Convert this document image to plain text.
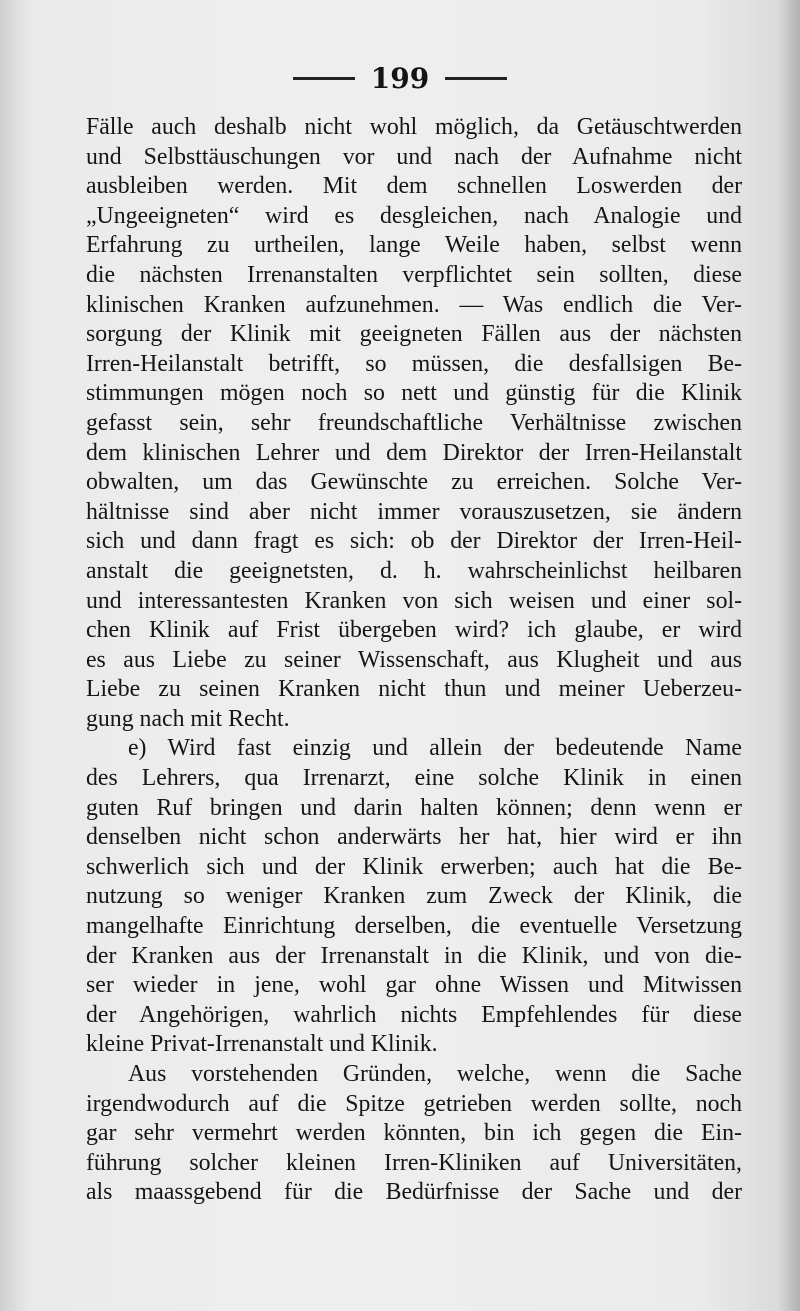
199
Fälle auch deshalb nicht wohl möglich, da Getäuschtwerden
und Selbsttäuschungen vor und nach der Aufnahme nicht
ausbleiben werden. Mit dem schnellen Loswerden der
„Ungeeigneten“ wird es desgleichen, nach Analogie und
Erfahrung zu urtheilen, lange Weile haben, selbst wenn
die nächsten Irrenanstalten verpflichtet sein sollten, diese
klinischen Kranken aufzunehmen. — Was endlich die Ver-
sorgung der Klinik mit geeigneten Fällen aus der nächsten
Irren-Heilanstalt betrifft, so müssen, die desfallsigen Be-
stimmungen mögen noch so nett und günstig für die Klinik
gefasst sein, sehr freundschaftliche Verhältnisse zwischen
dem klinischen Lehrer und dem Direktor der Irren-Heilanstalt
obwalten, um das Gewünschte zu erreichen. Solche Ver-
hältnisse sind aber nicht immer vorauszusetzen, sie ändern
sich und dann fragt es sich: ob der Direktor der Irren-Heil-
anstalt die geeignetsten, d. h. wahrscheinlichst heilbaren
und interessantesten Kranken von sich weisen und einer sol-
chen Klinik auf Frist übergeben wird? ich glaube, er wird
es aus Liebe zu seiner Wissenschaft, aus Klugheit und aus
Liebe zu seinen Kranken nicht thun und meiner Ueberzeu-
gung nach mit Recht.
e) Wird fast einzig und allein der bedeutende Name
des Lehrers, qua Irrenarzt, eine solche Klinik in einen
guten Ruf bringen und darin halten können; denn wenn er
denselben nicht schon anderwärts her hat, hier wird er ihn
schwerlich sich und der Klinik erwerben; auch hat die Be-
nutzung so weniger Kranken zum Zweck der Klinik, die
mangelhafte Einrichtung derselben, die eventuelle Versetzung
der Kranken aus der Irrenanstalt in die Klinik, und von die-
ser wieder in jene, wohl gar ohne Wissen und Mitwissen
der Angehörigen, wahrlich nichts Empfehlendes für diese
kleine Privat-Irrenanstalt und Klinik.
Aus vorstehenden Gründen, welche, wenn die Sache
irgendwodurch auf die Spitze getrieben werden sollte, noch
gar sehr vermehrt werden könnten, bin ich gegen die Ein-
führung solcher kleinen Irren-Kliniken auf Universitäten,
als maassgebend für die Bedürfnisse der Sache und der
